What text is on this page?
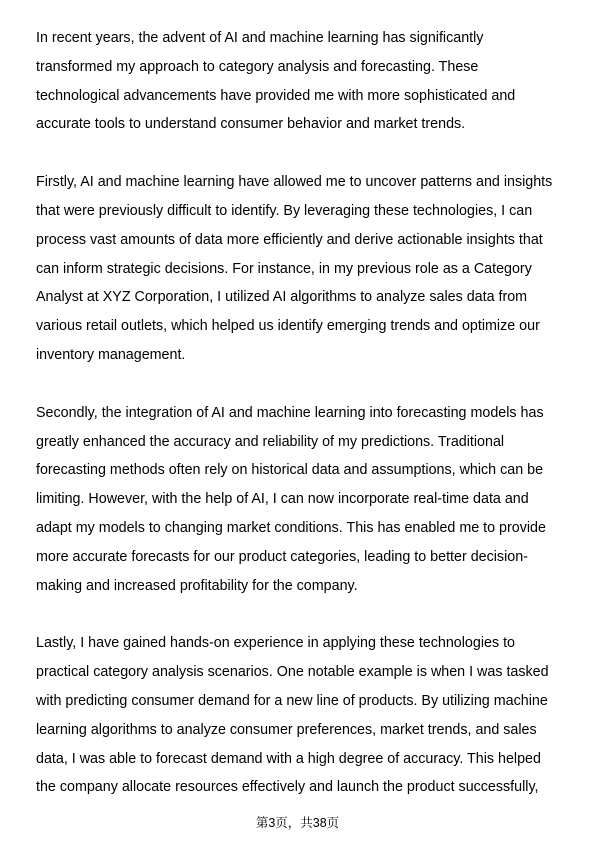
In recent years, the advent of AI and machine learning has significantly
transformed my approach to category analysis and forecasting. These
technological advancements have provided me with more sophisticated and
accurate tools to understand consumer behavior and market trends.

Firstly, AI and machine learning have allowed me to uncover patterns and insights
that were previously difficult to identify. By leveraging these technologies, I can
process vast amounts of data more efficiently and derive actionable insights that
can inform strategic decisions. For instance, in my previous role as a Category
Analyst at XYZ Corporation, I utilized AI algorithms to analyze sales data from
various retail outlets, which helped us identify emerging trends and optimize our
inventory management.

Secondly, the integration of AI and machine learning into forecasting models has
greatly enhanced the accuracy and reliability of my predictions. Traditional
forecasting methods often rely on historical data and assumptions, which can be
limiting. However, with the help of AI, I can now incorporate real-time data and
adapt my models to changing market conditions. This has enabled me to provide
more accurate forecasts for our product categories, leading to better decision-
making and increased profitability for the company.

Lastly, I have gained hands-on experience in applying these technologies to
practical category analysis scenarios. One notable example is when I was tasked
with predicting consumer demand for a new line of products. By utilizing machine
learning algorithms to analyze consumer preferences, market trends, and sales
data, I was able to forecast demand with a high degree of accuracy. This helped
the company allocate resources effectively and launch the product successfully,

第3页，共38页
